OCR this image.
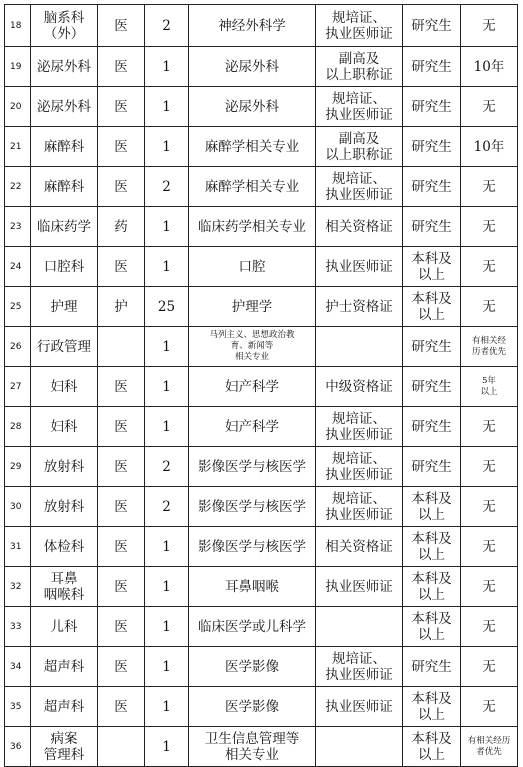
18	脑系科
（外）	医	2	神经外科学	规培证、
执业医师证	研究生	无
19	泌尿外科	医	1	泌尿外科	副高及
以上职称证	研究生	10年
20	泌尿外科	医	1	泌尿外科	规培证、
执业医师证	研究生	无
21	麻醉科	医	1	麻醉学相关专业	副高及
以上职称证	研究生	10年
22	麻醉科	医	2	麻醉学相关专业	规培证、
执业医师证	研究生	无
23	临床药学	药	1	临床药学相关专业	相关资格证	研究生	无
24	口腔科	医	1	口腔	执业医师证	本科及
以上	无
25	护理	护	25	护理学	护士资格证	本科及
以上	无
26	行政管理		1	马列主义、思想政治教
育、新闻等
相关专业		研究生	有相关经
历者优先
27	妇科	医	1	妇产科学	中级资格证	研究生	5年
以上
28	妇科	医	1	妇产科学	规培证、
执业医师证	研究生	无
29	放射科	医	2	影像医学与核医学	规培证、
执业医师证	研究生	无
30	放射科	医	2	影像医学与核医学	规培证、
执业医师证	本科及
以上	无
31	体检科	医	1	影像医学与核医学	相关资格证	本科及
以上	无
32	耳鼻
咽喉科	医	1	耳鼻咽喉	执业医师证	本科及
以上	无
33	儿科	医	1	临床医学或儿科学		本科及
以上	无
34	超声科	医	1	医学影像	规培证、
执业医师证	研究生	无
35	超声科	医	1	医学影像	执业医师证	本科及
以上	无
36	病案
管理科		1	卫生信息管理等
相关专业		本科及
以上	有相关经历
者优先
